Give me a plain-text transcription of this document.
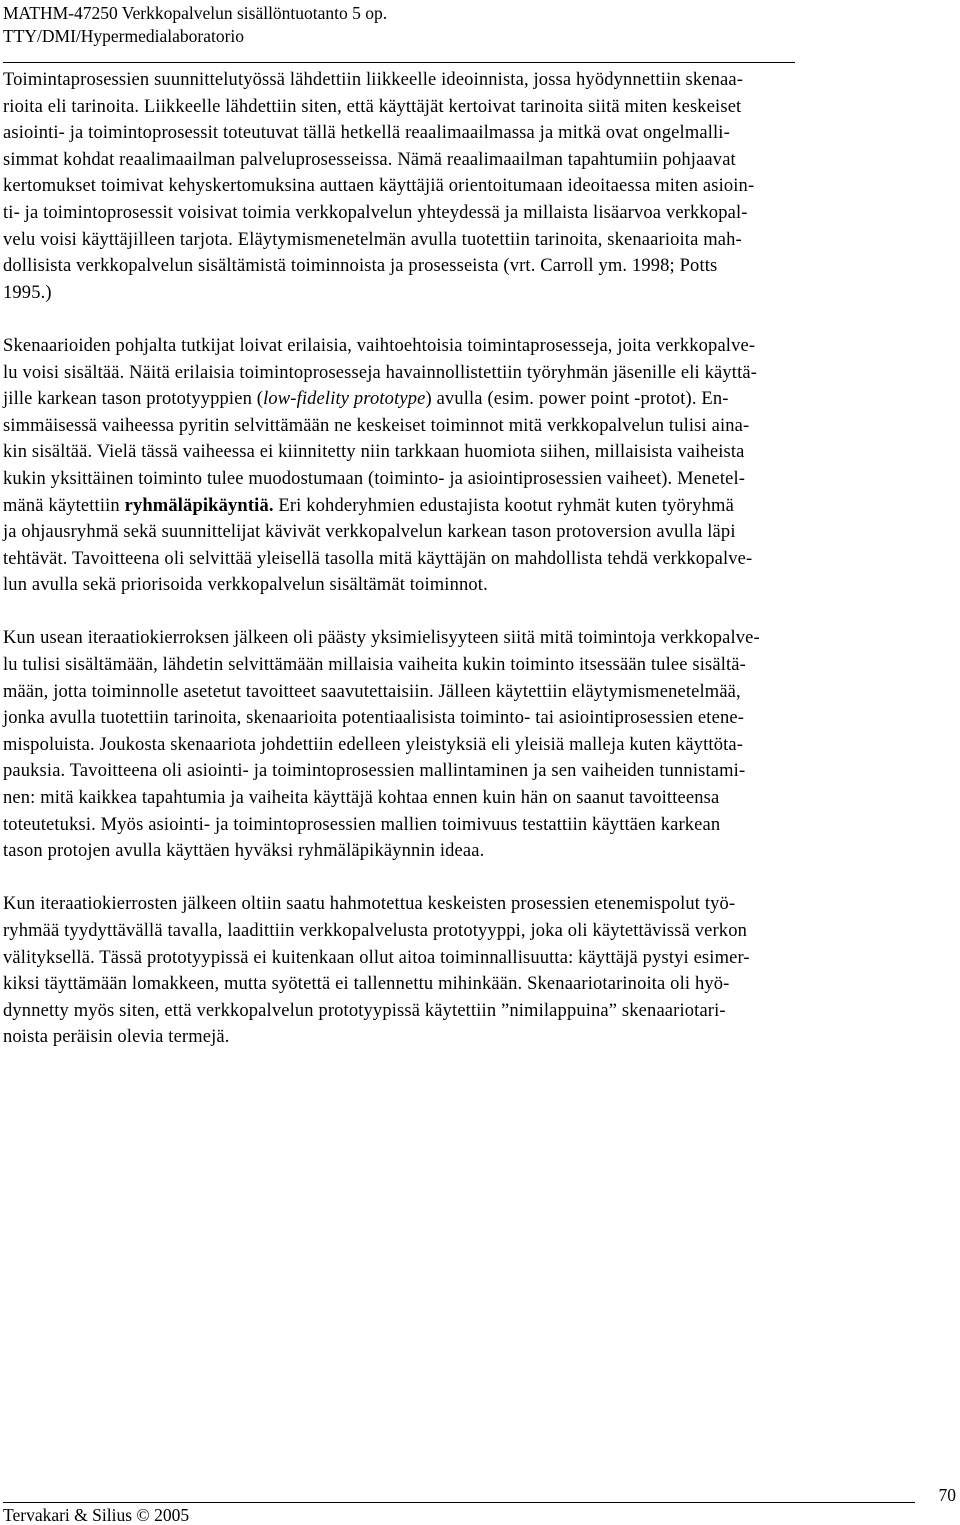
MATHM-47250 Verkkopalvelun sisällöntuotanto 5 op.
TTY/DMI/Hypermedialaboratorio

Toimintaprosessien suunnittelutyössä lähdettiin liikkeelle ideoinnista, jossa hyödynnettiin skenaa-
rioita eli tarinoita. Liikkeelle lähdettiin siten, että käyttäjät kertoivat tarinoita siitä miten keskeiset
asiointi- ja toimintoprosessit toteutuvat tällä hetkellä reaalimaailmassa ja mitkä ovat ongelmalli-
simmat kohdat reaalimaailman palveluprosesseissa. Nämä reaalimaailman tapahtumiin pohjaavat
kertomukset toimivat kehyskertomuksina auttaen käyttäjiä orientoitumaan ideoitaessa miten asioin-
ti- ja toimintoprosessit voisivat toimia verkkopalvelun yhteydessä ja millaista lisäarvoa verkkopal-
velu voisi käyttäjilleen tarjota. Eläytymismenetelmän avulla tuotettiin tarinoita, skenaarioita mah-
dollisista verkkopalvelun sisältämistä toiminnoista ja prosesseista (vrt. Carroll ym. 1998; Potts
1995.)

Skenaarioiden pohjalta tutkijat loivat erilaisia, vaihtoehtoisia toimintaprosesseja, joita verkkopalve-
lu voisi sisältää. Näitä erilaisia toimintoprosesseja havainnollistettiin työryhmän jäsenille eli käyttä-
jille karkean tason prototyyppien (low-fidelity prototype) avulla (esim. power point -protot). En-
simmäisessä vaiheessa pyritin selvittämään ne keskeiset toiminnot mitä verkkopalvelun tulisi aina-
kin sisältää. Vielä tässä vaiheessa ei kiinnitetty niin tarkkaan huomiota siihen, millaisista vaiheista
kukin yksittäinen toiminto tulee muodostumaan (toiminto- ja asiointiprosessien vaiheet). Menetel-
mänä käytettiin ryhmäläpikäyntiä. Eri kohderyhmien edustajista kootut ryhmät kuten työryhmä
ja ohjausryhmä sekä suunnittelijat kävivät verkkopalvelun karkean tason protoversion avulla läpi
tehtävät. Tavoitteena oli selvittää yleisellä tasolla mitä käyttäjän on mahdollista tehdä verkkopalve-
lun avulla sekä priorisoida verkkopalvelun sisältämät toiminnot.

Kun usean iteraatiokierroksen jälkeen oli päästy yksimielisyyteen siitä mitä toimintoja verkkopalve-
lu tulisi sisältämään, lähdetin selvittämään millaisia vaiheita kukin toiminto itsessään tulee sisältä-
mään, jotta toiminnolle asetetut tavoitteet saavutettaisiin. Jälleen käytettiin eläytymismenetelmää,
jonka avulla tuotettiin tarinoita, skenaarioita potentiaalisista toiminto- tai asiointiprosessien etene-
mispoluista. Joukosta skenaariota johdettiin edelleen yleistyksiä eli yleisiä malleja kuten käyttöta-
pauksia. Tavoitteena oli asiointi- ja toimintoprosessien mallintaminen ja sen vaiheiden tunnistami-
nen: mitä kaikkea tapahtumia ja vaiheita käyttäjä kohtaa ennen kuin hän on saanut tavoitteensa
toteutetuksi. Myös asiointi- ja toimintoprosessien mallien toimivuus testattiin käyttäen karkean
tason protojen avulla käyttäen hyväksi ryhmäläpikäynnin ideaa.

Kun iteraatiokierrosten jälkeen oltiin saatu hahmotettua keskeisten prosessien etenemispolut työ-
ryhmää tyydyttävällä tavalla, laadittiin verkkopalvelusta prototyyppi, joka oli käytettävissä verkon
välityksellä. Tässä prototyypissä ei kuitenkaan ollut aitoa toiminnallisuutta: käyttäjä pystyi esimer-
kiksi täyttämään lomakkeen, mutta syötettä ei tallennettu mihinkään. Skenaariotarinoita oli hyö-
dynnetty myös siten, että verkkopalvelun prototyypissä käytettiin ”nimilappuina” skenaariotari-
noista peräisin olevia termejä.

70
Tervakari & Silius © 2005
